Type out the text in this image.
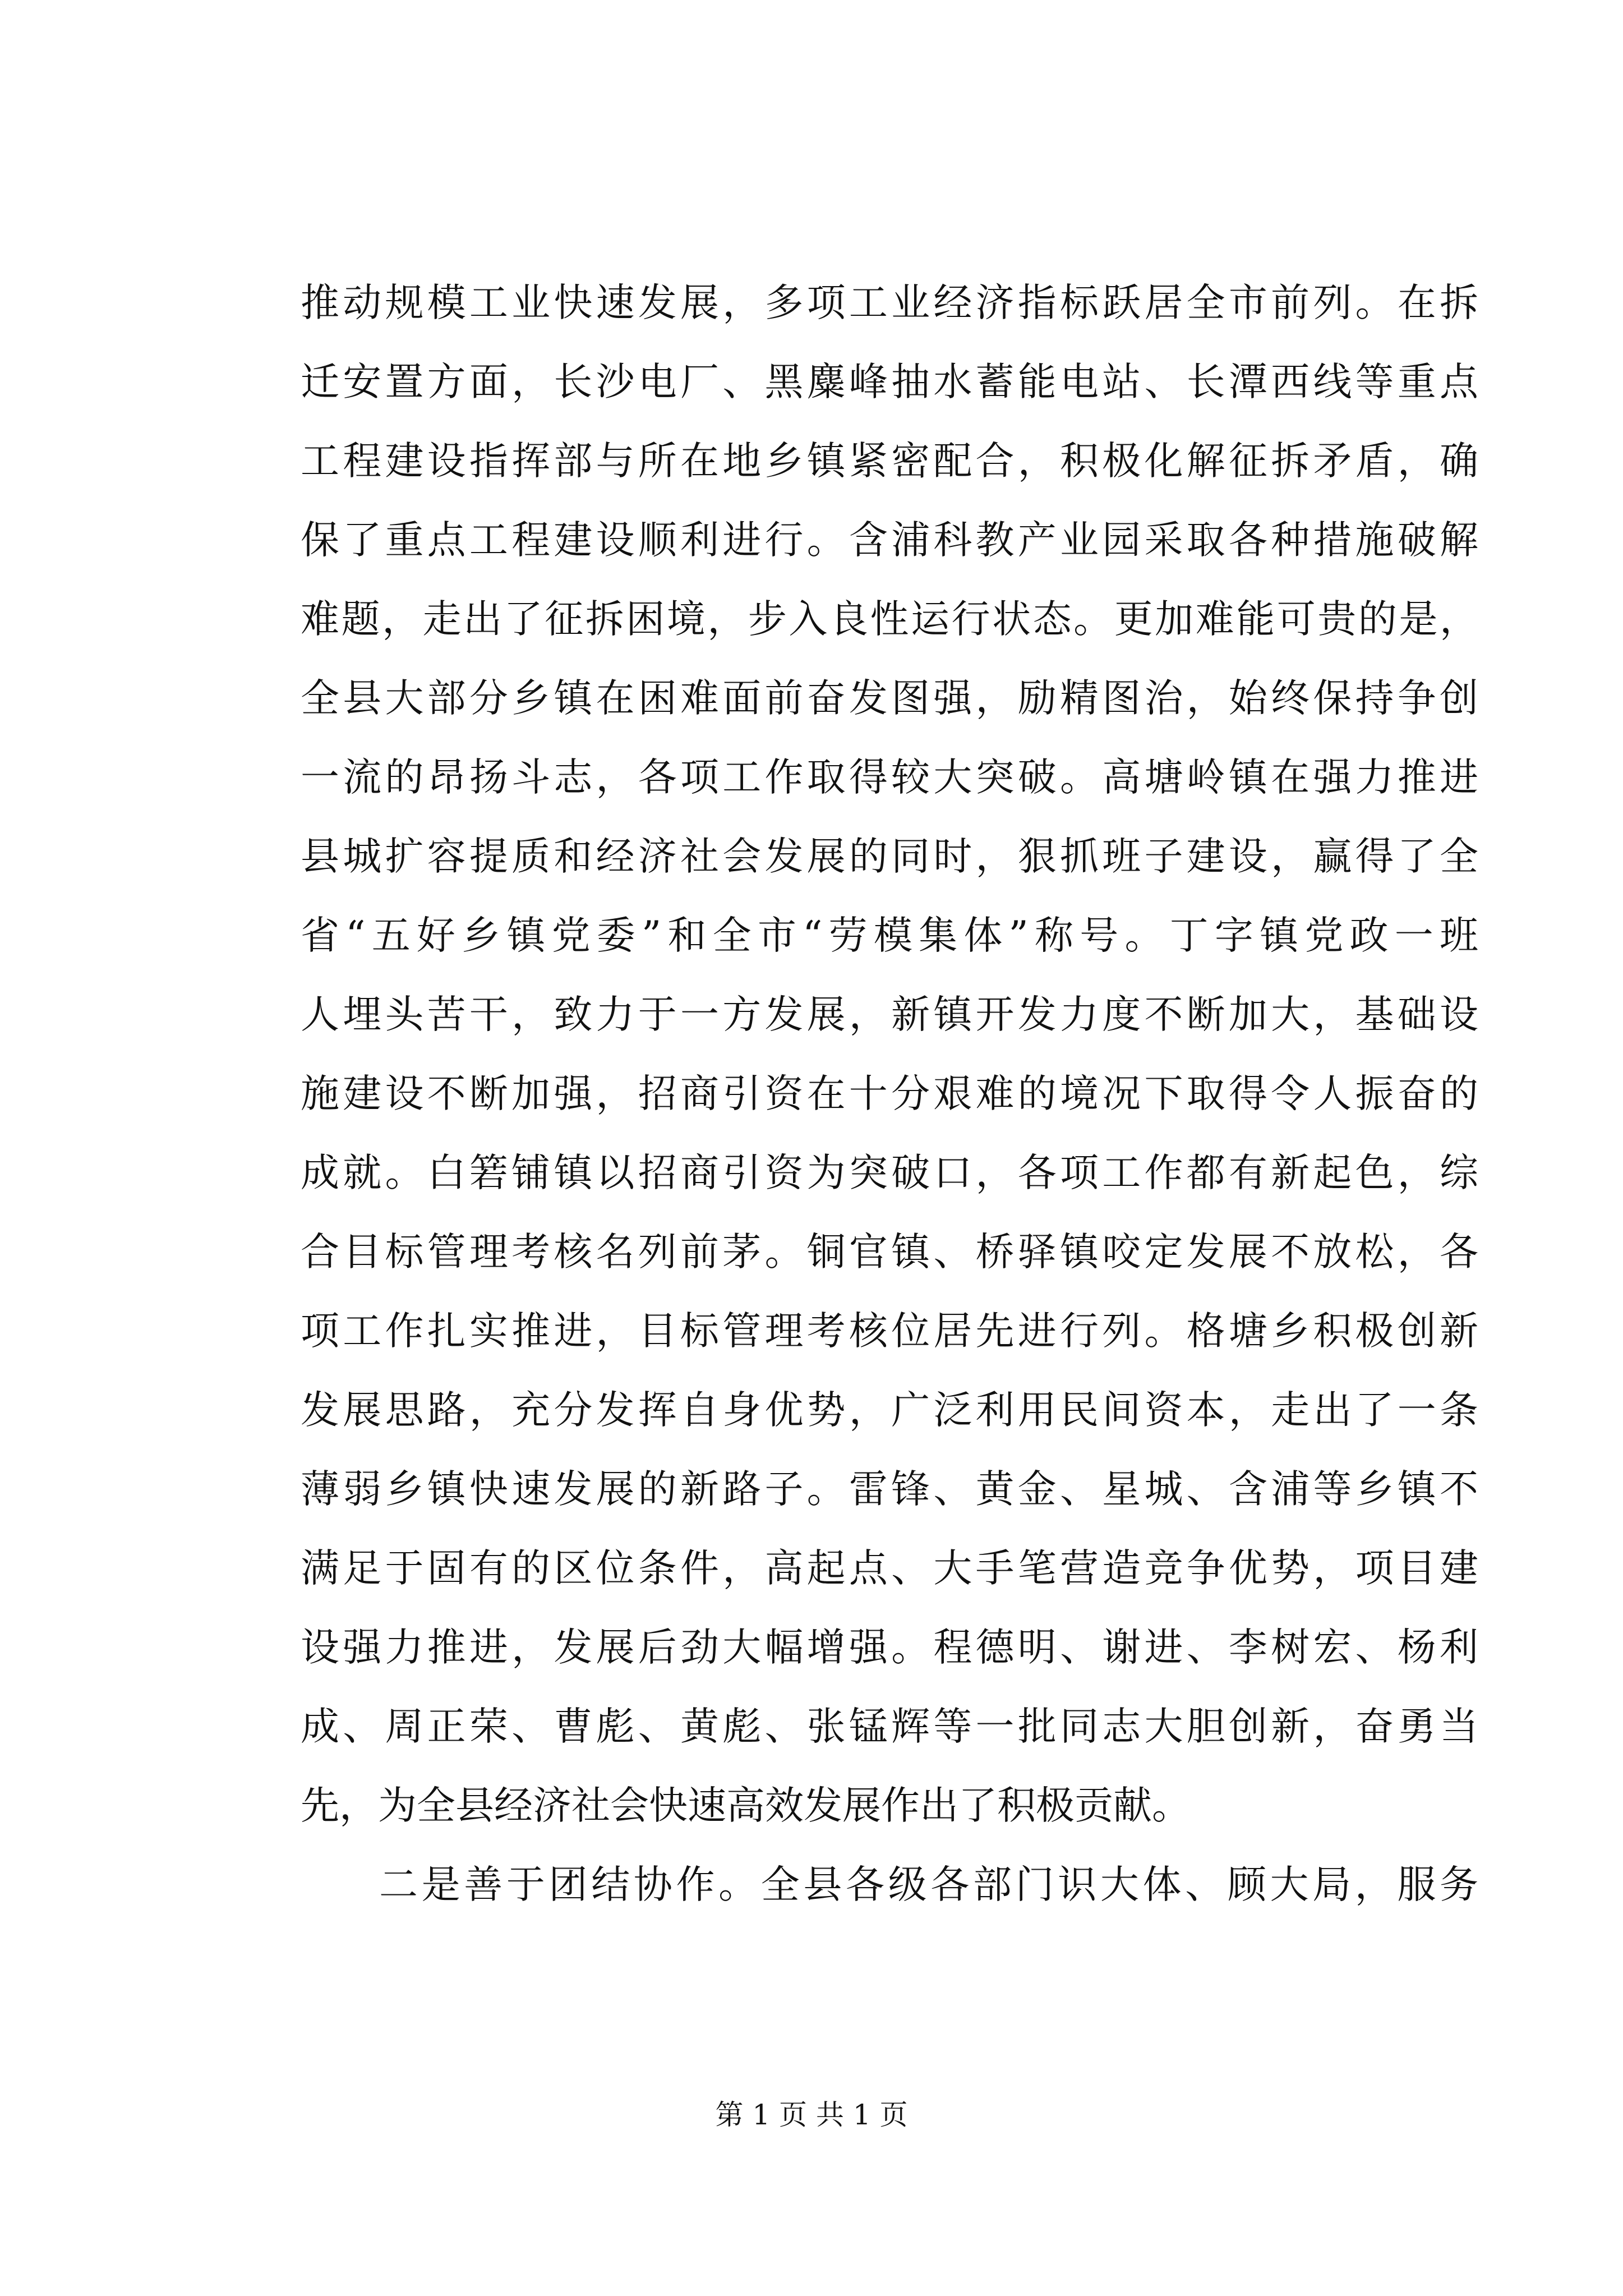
推动规模工业快速发展，多项工业经济指标跃居全市前列。在拆
迁安置方面，长沙电厂、黑麋峰抽水蓄能电站、长潭西线等重点
工程建设指挥部与所在地乡镇紧密配合，积极化解征拆矛盾，确
保了重点工程建设顺利进行。含浦科教产业园采取各种措施破解
难题，走出了征拆困境，步入良性运行状态。更加难能可贵的是，
全县大部分乡镇在困难面前奋发图强，励精图治，始终保持争创
一流的昂扬斗志，各项工作取得较大突破。高塘岭镇在强力推进
县城扩容提质和经济社会发展的同时，狠抓班子建设，赢得了全
省“五好乡镇党委”和全市“劳模集体”称号。丁字镇党政一班
人埋头苦干，致力于一方发展，新镇开发力度不断加大，基础设
施建设不断加强，招商引资在十分艰难的境况下取得令人振奋的
成就。白箬铺镇以招商引资为突破口，各项工作都有新起色，综
合目标管理考核名列前茅。铜官镇、桥驿镇咬定发展不放松，各
项工作扎实推进，目标管理考核位居先进行列。格塘乡积极创新
发展思路，充分发挥自身优势，广泛利用民间资本，走出了一条
薄弱乡镇快速发展的新路子。雷锋、黄金、星城、含浦等乡镇不
满足于固有的区位条件，高起点、大手笔营造竞争优势，项目建
设强力推进，发展后劲大幅增强。程德明、谢进、李树宏、杨利
成、周正荣、曹彪、黄彪、张锰辉等一批同志大胆创新，奋勇当
先，为全县经济社会快速高效发展作出了积极贡献。
二是善于团结协作。全县各级各部门识大体、顾大局，服务
第 1 页 共 1 页
